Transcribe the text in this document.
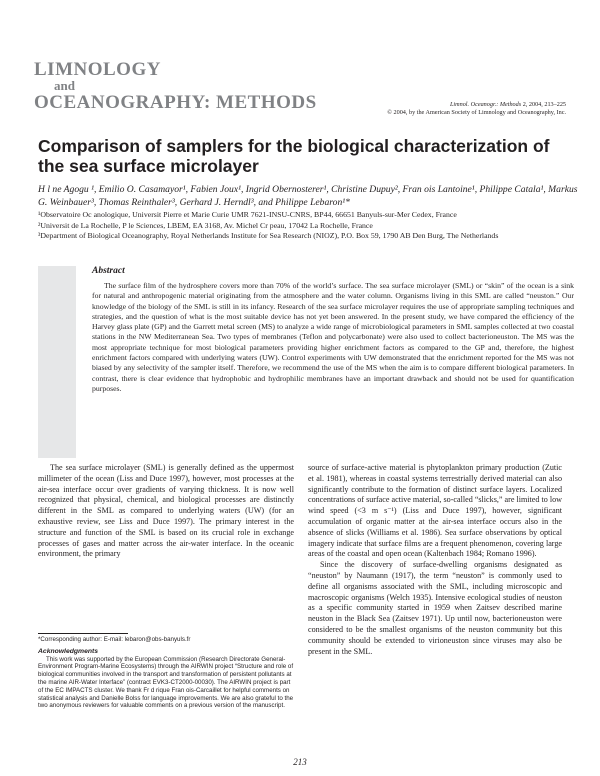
LIMNOLOGY
and
OCEANOGRAPHY: METHODS	Limnol. Oceanogr.: Methods 2, 2004, 213–225
© 2004, by the American Society of Limnology and Oceanography, Inc.
Comparison of samplers for the biological characterization of the sea surface microlayer
H l ne Agogu ¹, Emilio O. Casamayor¹, Fabien Joux¹, Ingrid Obernosterer¹, Christine Dupuy², Fran ois Lantoine¹, Philippe Catala¹, Markus G. Weinbauer³, Thomas Reinthaler³, Gerhard J. Herndl³, and Philippe Lebaron¹*
¹Observatoire Oc anologique, Universit Pierre et Marie Curie UMR 7621-INSU-CNRS, BP44, 66651 Banyuls-sur-Mer Cedex, France
²Universit de La Rochelle, P le Sciences, LBEM, EA 3168, Av. Michel Cr peau, 17042 La Rochelle, France
³Department of Biological Oceanography, Royal Netherlands Institute for Sea Research (NIOZ), P.O. Box 59, 1790 AB Den Burg, The Netherlands
Abstract
The surface film of the hydrosphere covers more than 70% of the world’s surface. The sea surface microlayer (SML) or “skin” of the ocean is a sink for natural and anthropogenic material originating from the atmosphere and the water column. Organisms living in this SML are called “neuston.” Our knowledge of the biology of the SML is still in its infancy. Research of the sea surface microlayer requires the use of appropriate sampling techniques and strategies, and the question of what is the most suitable device has not yet been answered. In the present study, we have compared the efficiency of the Harvey glass plate (GP) and the Garrett metal screen (MS) to analyze a wide range of microbiological parameters in SML samples collected at two coastal stations in the NW Mediterranean Sea. Two types of membranes (Teflon and polycarbonate) were also used to collect bacterioneuston. The MS was the most appropriate technique for most biological parameters providing higher enrichment factors as compared to the GP and, therefore, the highest enrichment factors compared with underlying waters (UW). Control experiments with UW demonstrated that the enrichment reported for the MS was not biased by any selectivity of the sampler itself. Therefore, we recommend the use of the MS when the aim is to compare different biological parameters. In contrast, there is clear evidence that hydrophobic and hydrophilic membranes have an important drawback and should not be used for quantification purposes.

The sea surface microlayer (SML) is generally defined as the uppermost millimeter of the ocean (Liss and Duce 1997), however, most processes at the air-sea interface occur over gradients of varying thickness. It is now well recognized that physical, chemical, and biological processes are distinctly different in the SML as compared to underlying waters (UW) (for an exhaustive review, see Liss and Duce 1997). The primary interest in the structure and function of the SML is based on its crucial role in exchange processes of gases and matter across the air-water interface. In the oceanic environment, the primary

source of surface-active material is phytoplankton primary production (Zutic et al. 1981), whereas in coastal systems terrestrially derived material can also significantly contribute to the formation of distinct surface layers. Localized concentrations of surface active material, so-called “slicks,” are limited to low wind speed (<3 m s⁻¹) (Liss and Duce 1997), however, significant accumulation of organic matter at the air-sea interface occurs also in the absence of slicks (Williams et al. 1986). Sea surface observations by optical imagery indicate that surface films are a frequent phenomenon, covering large areas of the coastal and open ocean (Kaltenbach 1984; Romano 1996).

Since the discovery of surface-dwelling organisms designated as “neuston” by Naumann (1917), the term “neuston” is commonly used to define all organisms associated with the SML, including microscopic and macroscopic organisms (Welch 1935). Intensive ecological studies of neuston as a specific community started in 1959 when Zaitsev described marine neuston in the Black Sea (Zaitsev 1971). Up until now, bacterioneuston were considered to be the smallest organisms of the neuston community but this community should be extended to virioneuston since viruses may also be present in the SML.

*Corresponding author: E-mail: lebaron@obs-banyuls.fr
Acknowledgments
This work was supported by the European Commission (Research Directorate General-Environment Program-Marine Ecosystems) through the AIRWIN project “Structure and role of biological communities involved in the transport and transformation of persistent pollutants at the marine AIR-Water Interface” (contract EVK3-CT2000-00030). The AIRWIN project is part of the EC IMPACTS cluster. We thank Fr d rique Fran ois-Carcaillet for helpful comments on statistical analysis and Danielle Bolss for language improvements. We are also grateful to the two anonymous reviewers for valuable comments on a previous version of the manuscript.
213
